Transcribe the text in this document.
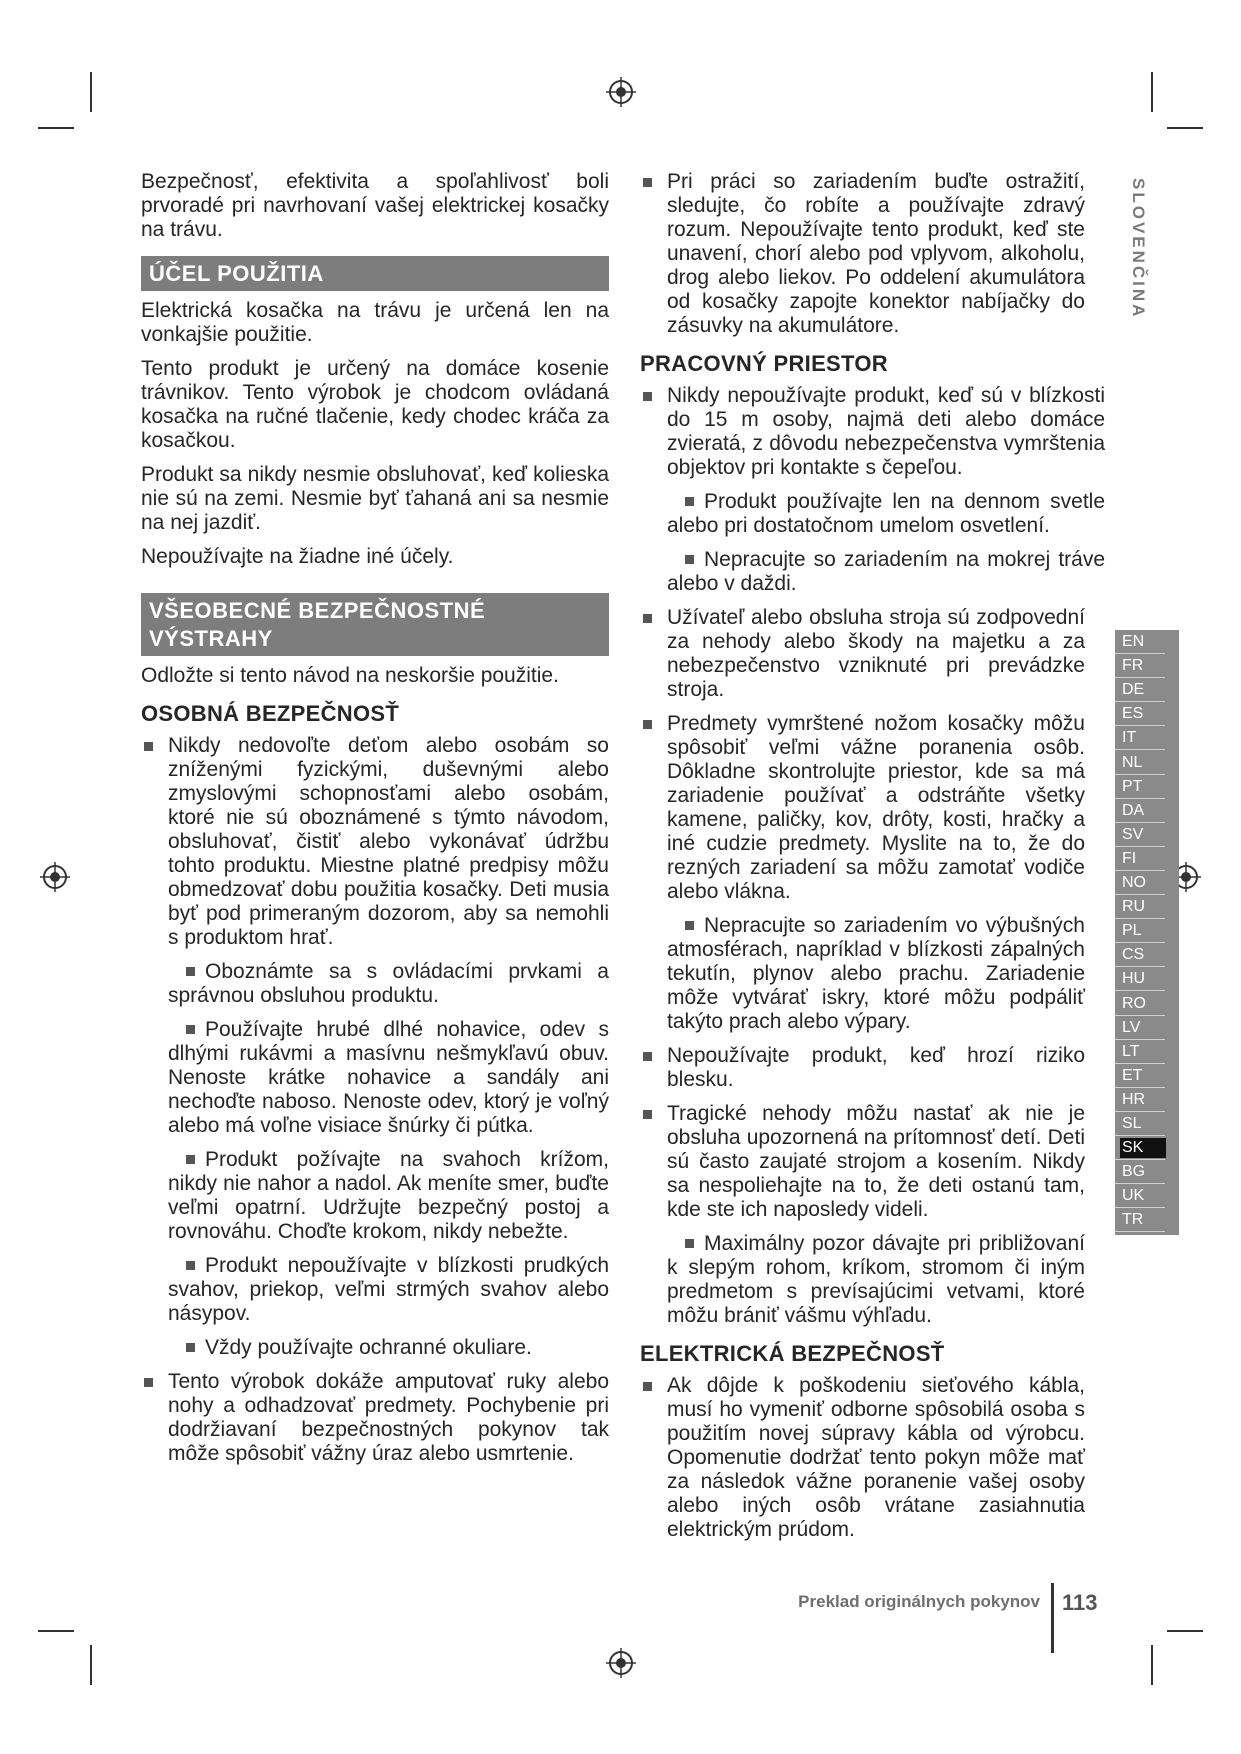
SLOVENČINA
EN
FR
DE
ES
IT
NL
PT
DA
SV
FI
NO
RU
PL
CS
HU
RO
LV
LT
ET
HR
SL
SK
BG
UK
TR

Bezpečnosť, efektivita a spoľahlivosť boli prvoradé pri navrhovaní vašej elektrickej kosačky na trávu.

ÚČEL POUŽITIA

Elektrická kosačka na trávu je určená len na vonkajšie použitie.

Tento produkt je určený na domáce kosenie trávnikov. Tento výrobok je chodcom ovládaná kosačka na ručné tlačenie, kedy chodec kráča za kosačkou.

Produkt sa nikdy nesmie obsluhovať, keď kolieska nie sú na zemi. Nesmie byť ťahaná ani sa nesmie na nej jazdiť.

Nepoužívajte na žiadne iné účely.

VŠEOBECNÉ BEZPEČNOSTNÉ VÝSTRAHY

Odložte si tento návod na neskoršie použitie.

OSOBNÁ BEZPEČNOSŤ
Nikdy nedovoľte deťom alebo osobám so zníženými fyzickými, duševnými alebo zmyslovými schopnosťami alebo osobám, ktoré nie sú oboznámené s týmto návodom, obsluhovať, čistiť alebo vykonávať údržbu tohto produktu. Miestne platné predpisy môžu obmedzovať dobu použitia kosačky. Deti musia byť pod primeraným dozorom, aby sa nemohli s produktom hrať.
Oboznámte sa s ovládacími prvkami a správnou obsluhou produktu.
Používajte hrubé dlhé nohavice, odev s dlhými rukávmi a masívnu nešmykľavú obuv. Nenoste krátke nohavice a sandály ani nechoďte naboso. Nenoste odev, ktorý je voľný alebo má voľne visiace šnúrky či pútka.
Produkt požívajte na svahoch krížom, nikdy nie nahor a nadol. Ak meníte smer, buďte veľmi opatrní. Udržujte bezpečný postoj a rovnováhu. Choďte krokom, nikdy nebežte.
Produkt nepoužívajte v blízkosti prudkých svahov, priekop, veľmi strmých svahov alebo násypov.
Vždy používajte ochranné okuliare.
Tento výrobok dokáže amputovať ruky alebo nohy a odhadzovať predmety. Pochybenie pri dodržiavaní bezpečnostných pokynov tak môže spôsobiť vážny úraz alebo usmrtenie.
Pri práci so zariadením buďte ostražití, sledujte, čo robíte a používajte zdravý rozum. Nepoužívajte tento produkt, keď ste unavení, chorí alebo pod vplyvom, alkoholu, drog alebo liekov. Po oddelení akumulátora od kosačky zapojte konektor nabíjačky do zásuvky na akumulátore.
PRACOVNÝ PRIESTOR
Nikdy nepoužívajte produkt, keď sú v blízkosti do 15 m osoby, najmä deti alebo domáce zvieratá, z dôvodu nebezpečenstva vymrštenia objektov pri kontakte s čepeľou.
Produkt používajte len na dennom svetle alebo pri dostatočnom umelom osvetlení.
Nepracujte so zariadením na mokrej tráve alebo v daždi.
Užívateľ alebo obsluha stroja sú zodpovední za nehody alebo škody na majetku a za nebezpečenstvo vzniknuté pri prevádzke stroja.
Predmety vymrštené nožom kosačky môžu spôsobiť veľmi vážne poranenia osôb. Dôkladne skontrolujte priestor, kde sa má zariadenie používať a odstráňte všetky kamene, paličky, kov, drôty, kosti, hračky a iné cudzie predmety. Myslite na to, že do rezných zariadení sa môžu zamotať vodiče alebo vlákna.
Nepracujte so zariadením vo výbušných atmosférach, napríklad v blízkosti zápalných tekutín, plynov alebo prachu. Zariadenie môže vytvárať iskry, ktoré môžu podpáliť takýto prach alebo výpary.
Nepoužívajte produkt, keď hrozí riziko blesku.
Tragické nehody môžu nastať ak nie je obsluha upozornená na prítomnosť detí. Deti sú často zaujaté strojom a kosením. Nikdy sa nespoliehajte na to, že deti ostanú tam, kde ste ich naposledy videli.
Maximálny pozor dávajte pri približovaní k slepým rohom, kríkom, stromom či iným predmetom s prevísajúcimi vetvami, ktoré môžu brániť vášmu výhľadu.
ELEKTRICKÁ BEZPEČNOSŤ
Ak dôjde k poškodeniu sieťového kábla, musí ho vymeniť odborne spôsobilá osoba s použitím novej súpravy kábla od výrobcu. Opomenutie dodržať tento pokyn môže mať za následok vážne poranenie vašej osoby alebo iných osôb vrátane zasiahnutia elektrickým prúdom.
Preklad originálnych pokynov 113
